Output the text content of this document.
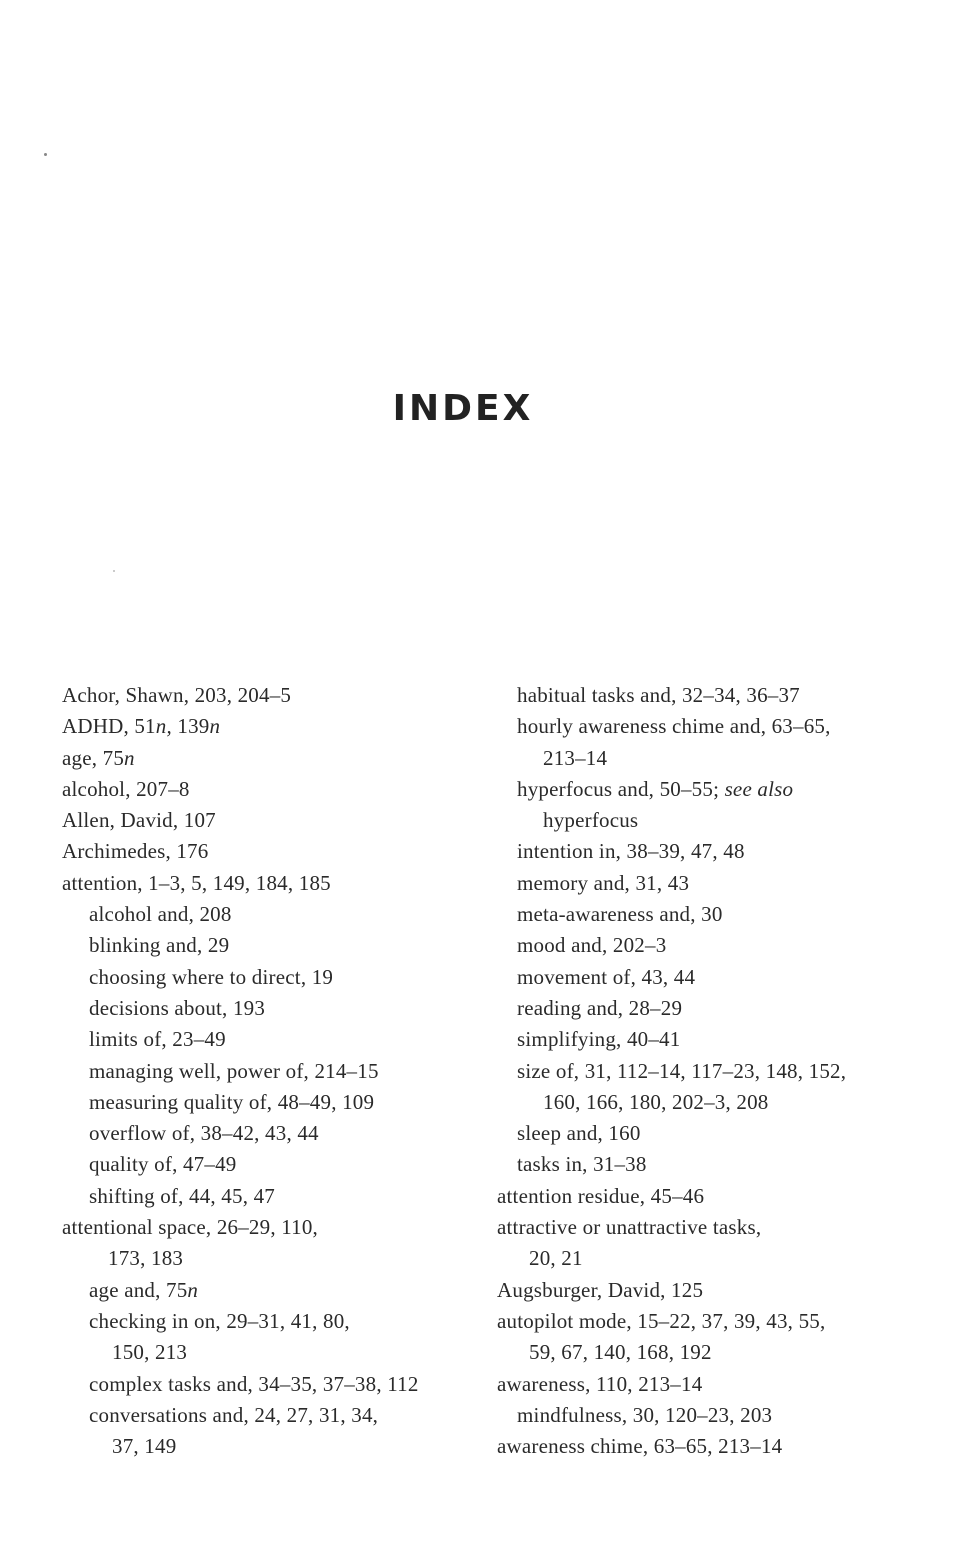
INDEX
Achor, Shawn, 203, 204–5
ADHD, 51n, 139n
age, 75n
alcohol, 207–8
Allen, David, 107
Archimedes, 176
attention, 1–3, 5, 149, 184, 185
alcohol and, 208
blinking and, 29
choosing where to direct, 19
decisions about, 193
limits of, 23–49
managing well, power of, 214–15
measuring quality of, 48–49, 109
overflow of, 38–42, 43, 44
quality of, 47–49
shifting of, 44, 45, 47
attentional space, 26–29, 110,
173, 183
age and, 75n
checking in on, 29–31, 41, 80,
150, 213
complex tasks and, 34–35, 37–38, 112
conversations and, 24, 27, 31, 34,
37, 149
habitual tasks and, 32–34, 36–37
hourly awareness chime and, 63–65,
213–14
hyperfocus and, 50–55; see also
hyperfocus
intention in, 38–39, 47, 48
memory and, 31, 43
meta-awareness and, 30
mood and, 202–3
movement of, 43, 44
reading and, 28–29
simplifying, 40–41
size of, 31, 112–14, 117–23, 148, 152,
160, 166, 180, 202–3, 208
sleep and, 160
tasks in, 31–38
attention residue, 45–46
attractive or unattractive tasks,
20, 21
Augsburger, David, 125
autopilot mode, 15–22, 37, 39, 43, 55,
59, 67, 140, 168, 192
awareness, 110, 213–14
mindfulness, 30, 120–23, 203
awareness chime, 63–65, 213–14
